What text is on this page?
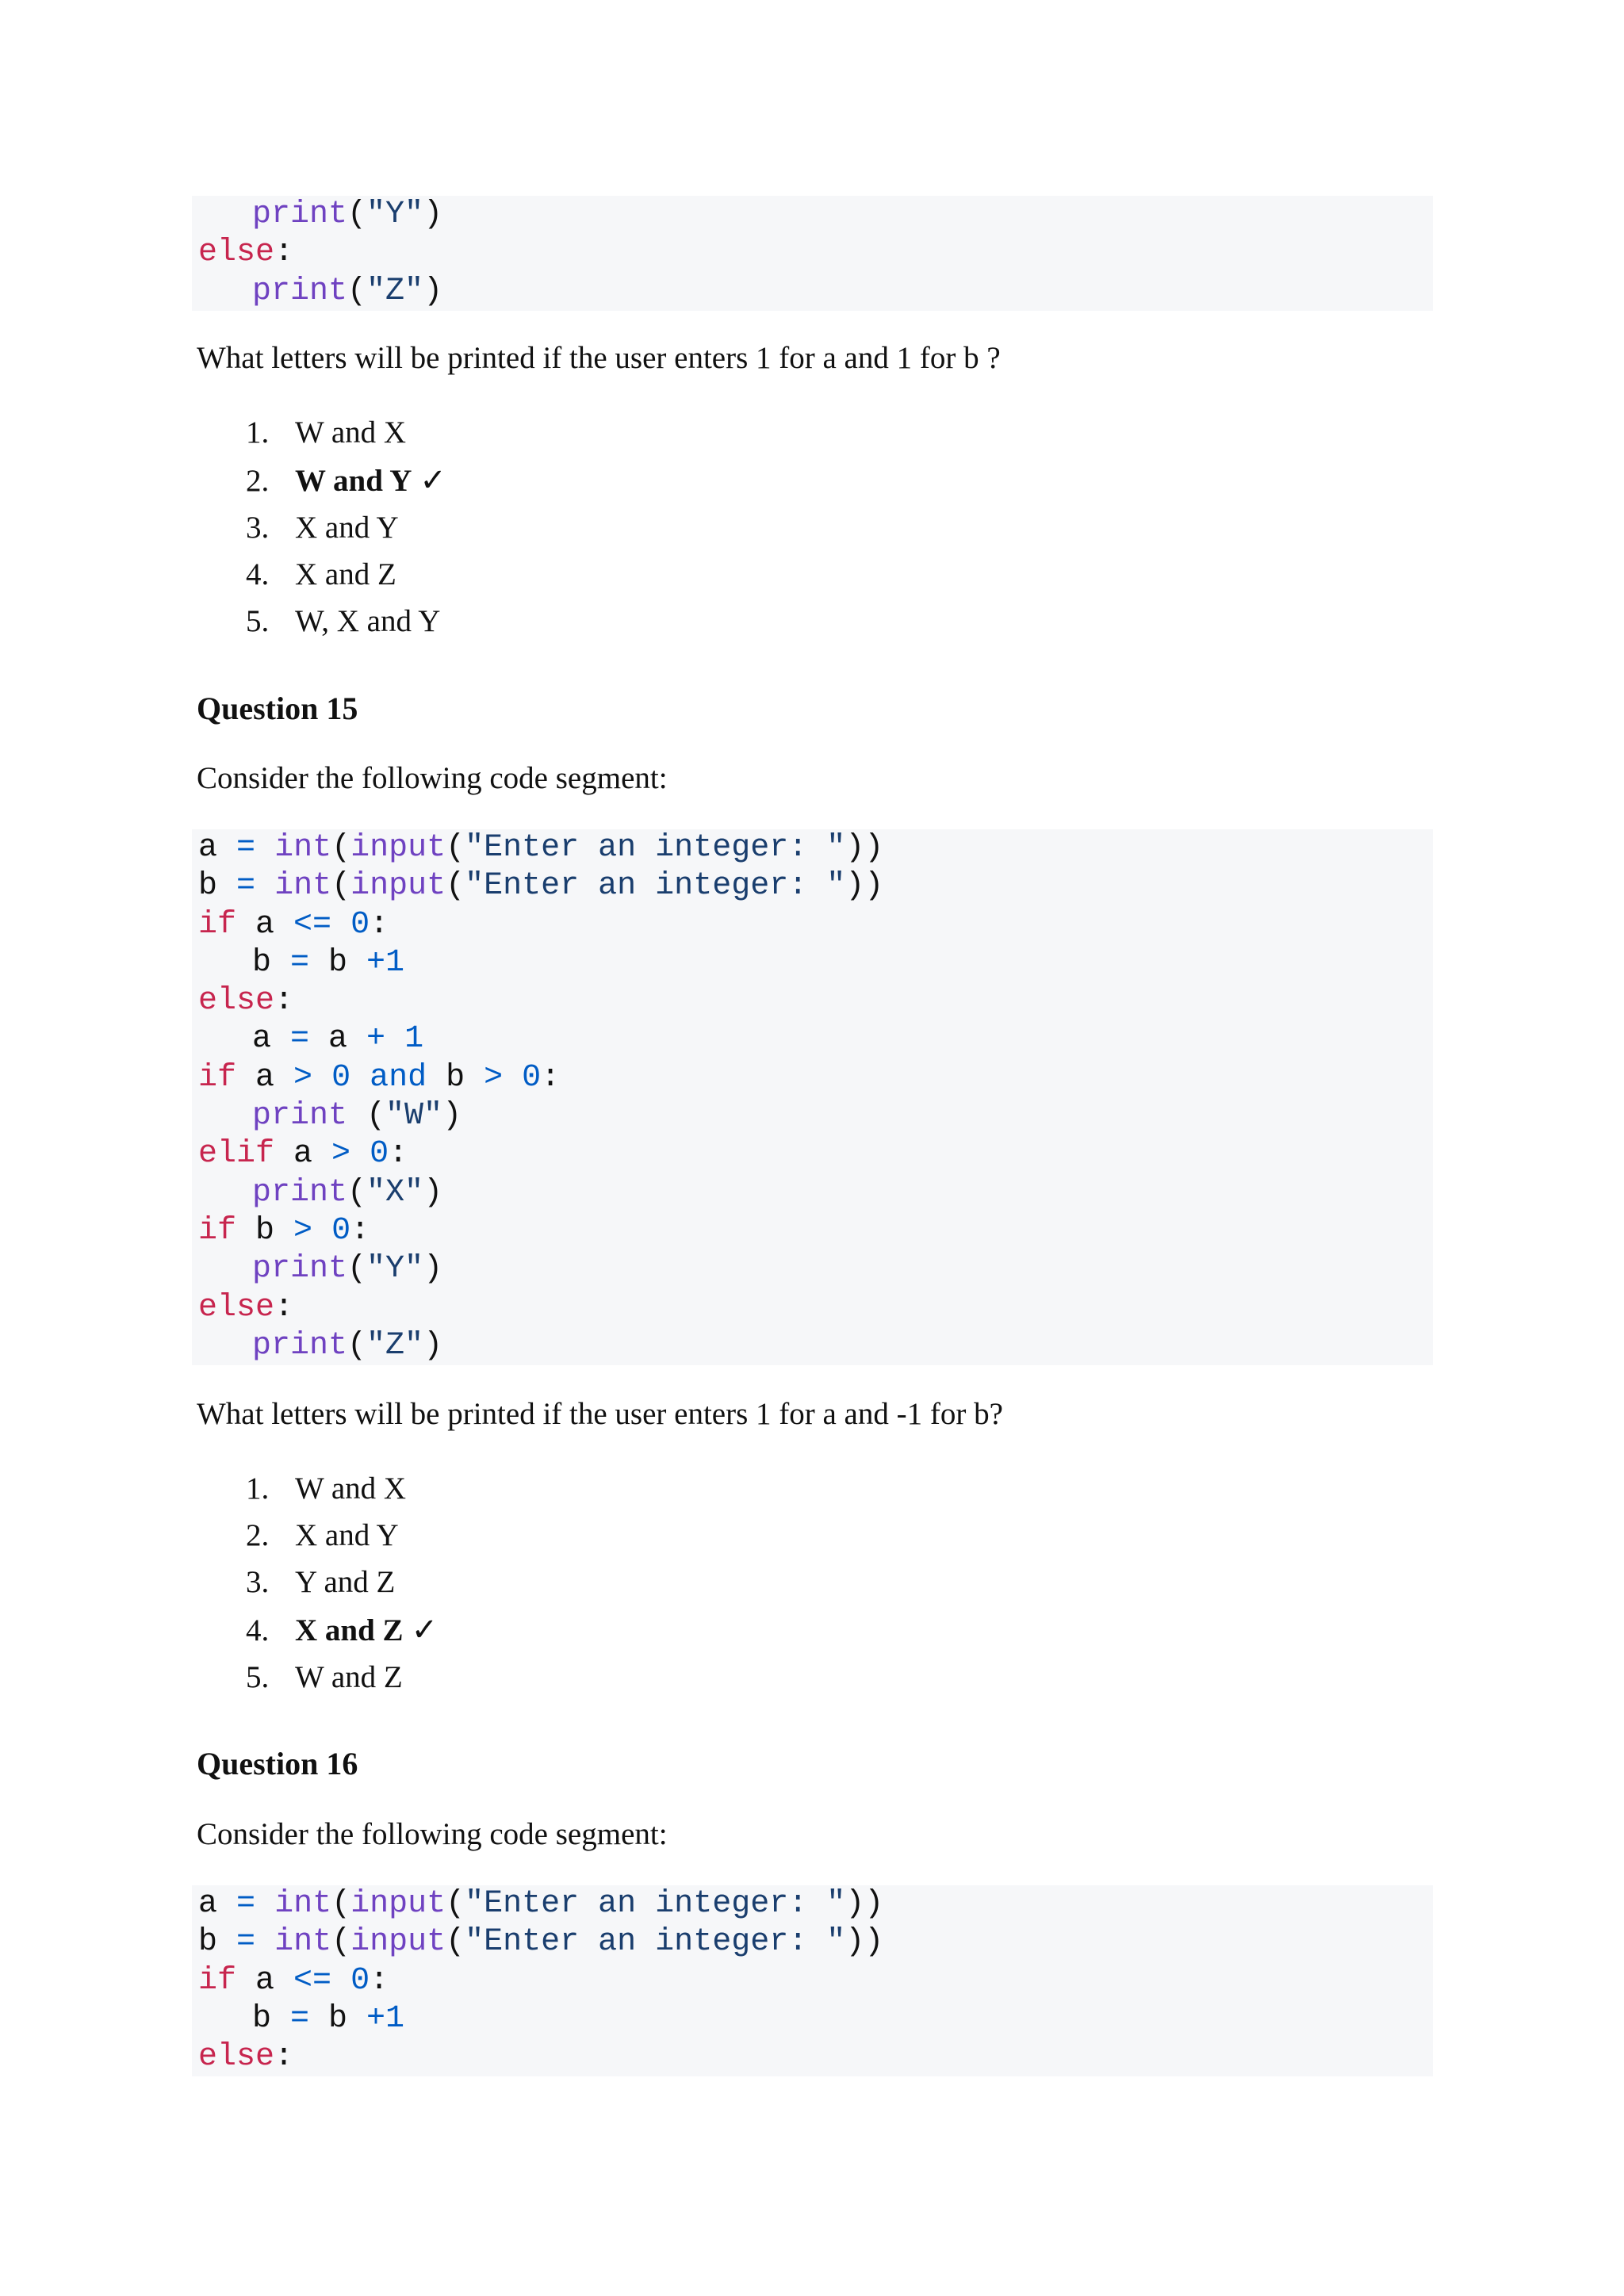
print("Y")
else:
print("Z")
What letters will be printed if the user enters 1 for a and 1 for b ?
1. W and X
2. W and Y ✓
3. X and Y
4. X and Z
5. W, X and Y
Question 15
Consider the following code segment:
a = int(input("Enter an integer: "))
b = int(input("Enter an integer: "))
if a <= 0:
b = b +1
else:
a = a + 1
if a > 0 and b > 0:
print ("W")
elif a > 0:
print("X")
if b > 0:
print("Y")
else:
print("Z")
What letters will be printed if the user enters 1 for a and -1 for b?
1. W and X
2. X and Y
3. Y and Z
4. X and Z ✓
5. W and Z
Question 16
Consider the following code segment:
a = int(input("Enter an integer: "))
b = int(input("Enter an integer: "))
if a <= 0:
b = b +1
else:
